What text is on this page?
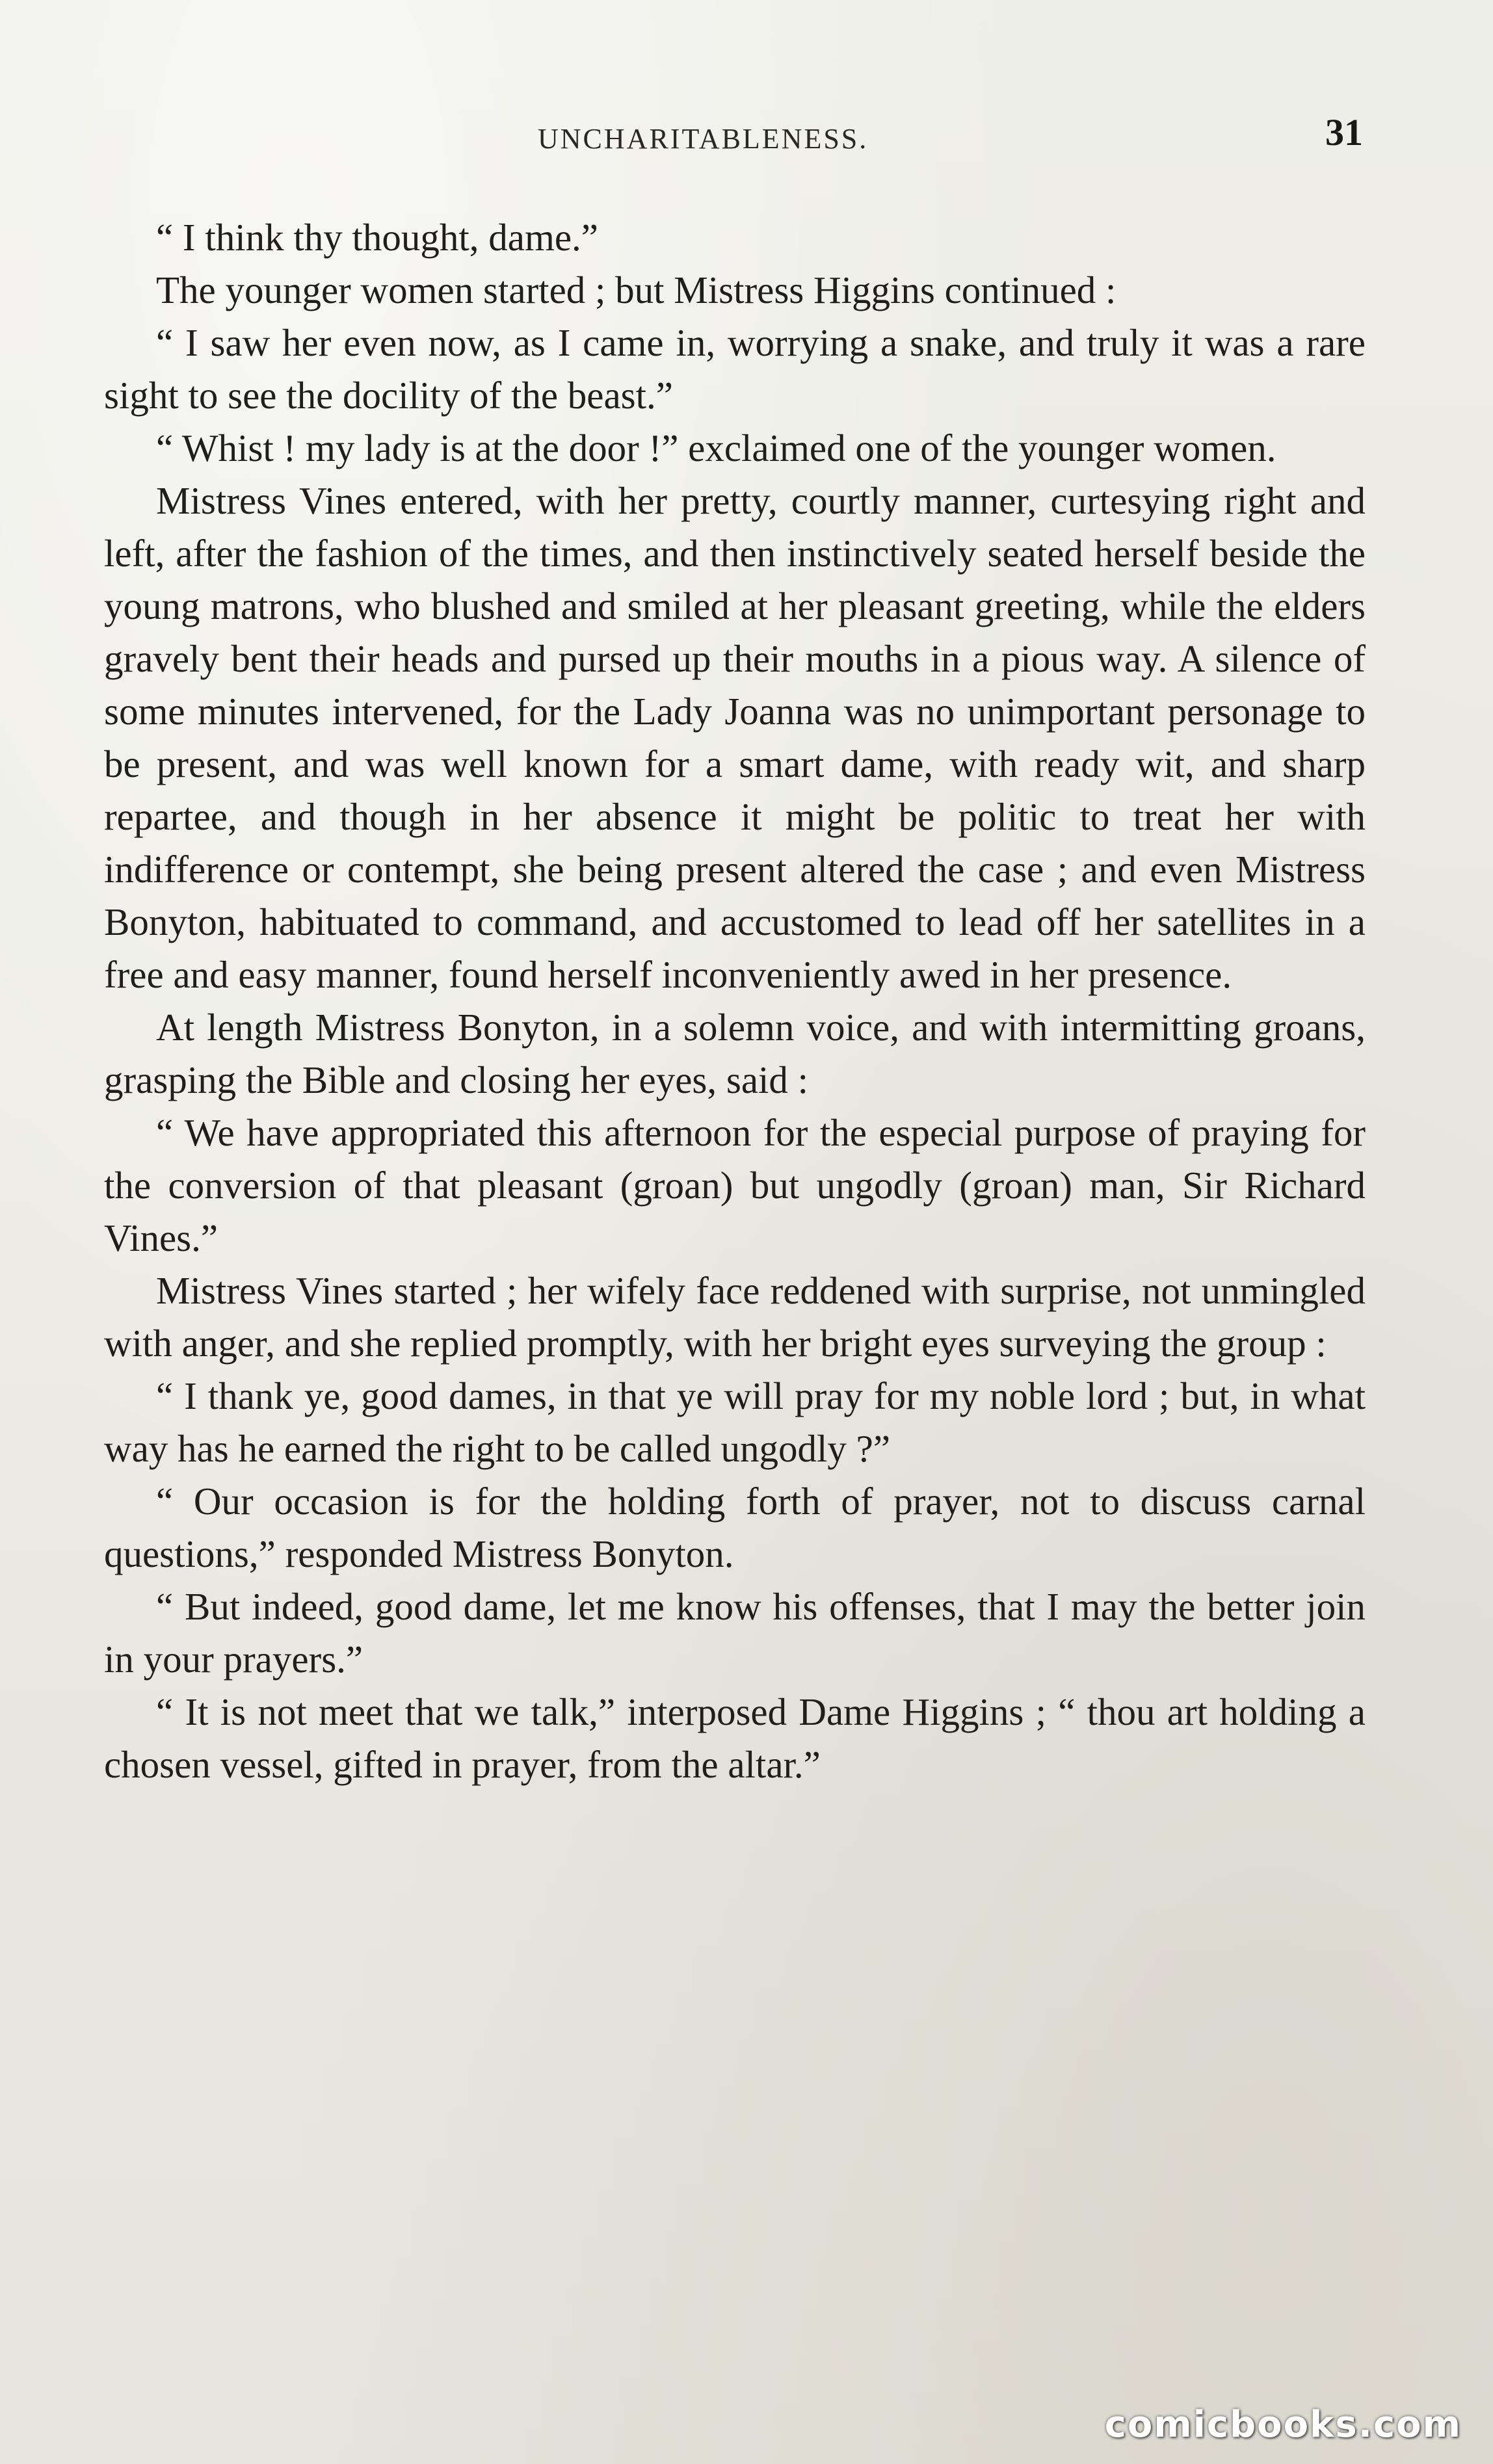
UNCHARITABLENESS.	31

“ I think thy thought, dame.”

The younger women started ; but Mistress Higgins continued :

“ I saw her even now, as I came in, worrying a snake, and truly it was a rare sight to see the docility of the beast.”

“ Whist ! my lady is at the door !” exclaimed one of the younger women.

Mistress Vines entered, with her pretty, courtly manner, curtesying right and left, after the fashion of the times, and then instinctively seated herself beside the young matrons, who blushed and smiled at her pleasant greeting, while the elders gravely bent their heads and pursed up their mouths in a pious way. A silence of some minutes intervened, for the Lady Joanna was no unimportant personage to be present, and was well known for a smart dame, with ready wit, and sharp repartee, and though in her absence it might be politic to treat her with indifference or contempt, she being present altered the case ; and even Mistress Bonyton, habituated to command, and accustomed to lead off her satellites in a free and easy manner, found herself inconveniently awed in her presence.

At length Mistress Bonyton, in a solemn voice, and with intermitting groans, grasping the Bible and closing her eyes, said :

“ We have appropriated this afternoon for the especial purpose of praying for the conversion of that pleasant (groan) but ungodly (groan) man, Sir Richard Vines.”

Mistress Vines started ; her wifely face reddened with surprise, not unmingled with anger, and she replied promptly, with her bright eyes surveying the group :

“ I thank ye, good dames, in that ye will pray for my noble lord ; but, in what way has he earned the right to be called ungodly ?”

“ Our occasion is for the holding forth of prayer, not to discuss carnal questions,” responded Mistress Bonyton.

“ But indeed, good dame, let me know his offenses, that I may the better join in your prayers.”

“ It is not meet that we talk,” interposed Dame Higgins ; “ thou art holding a chosen vessel, gifted in prayer, from the altar.”

comicbooks.com
